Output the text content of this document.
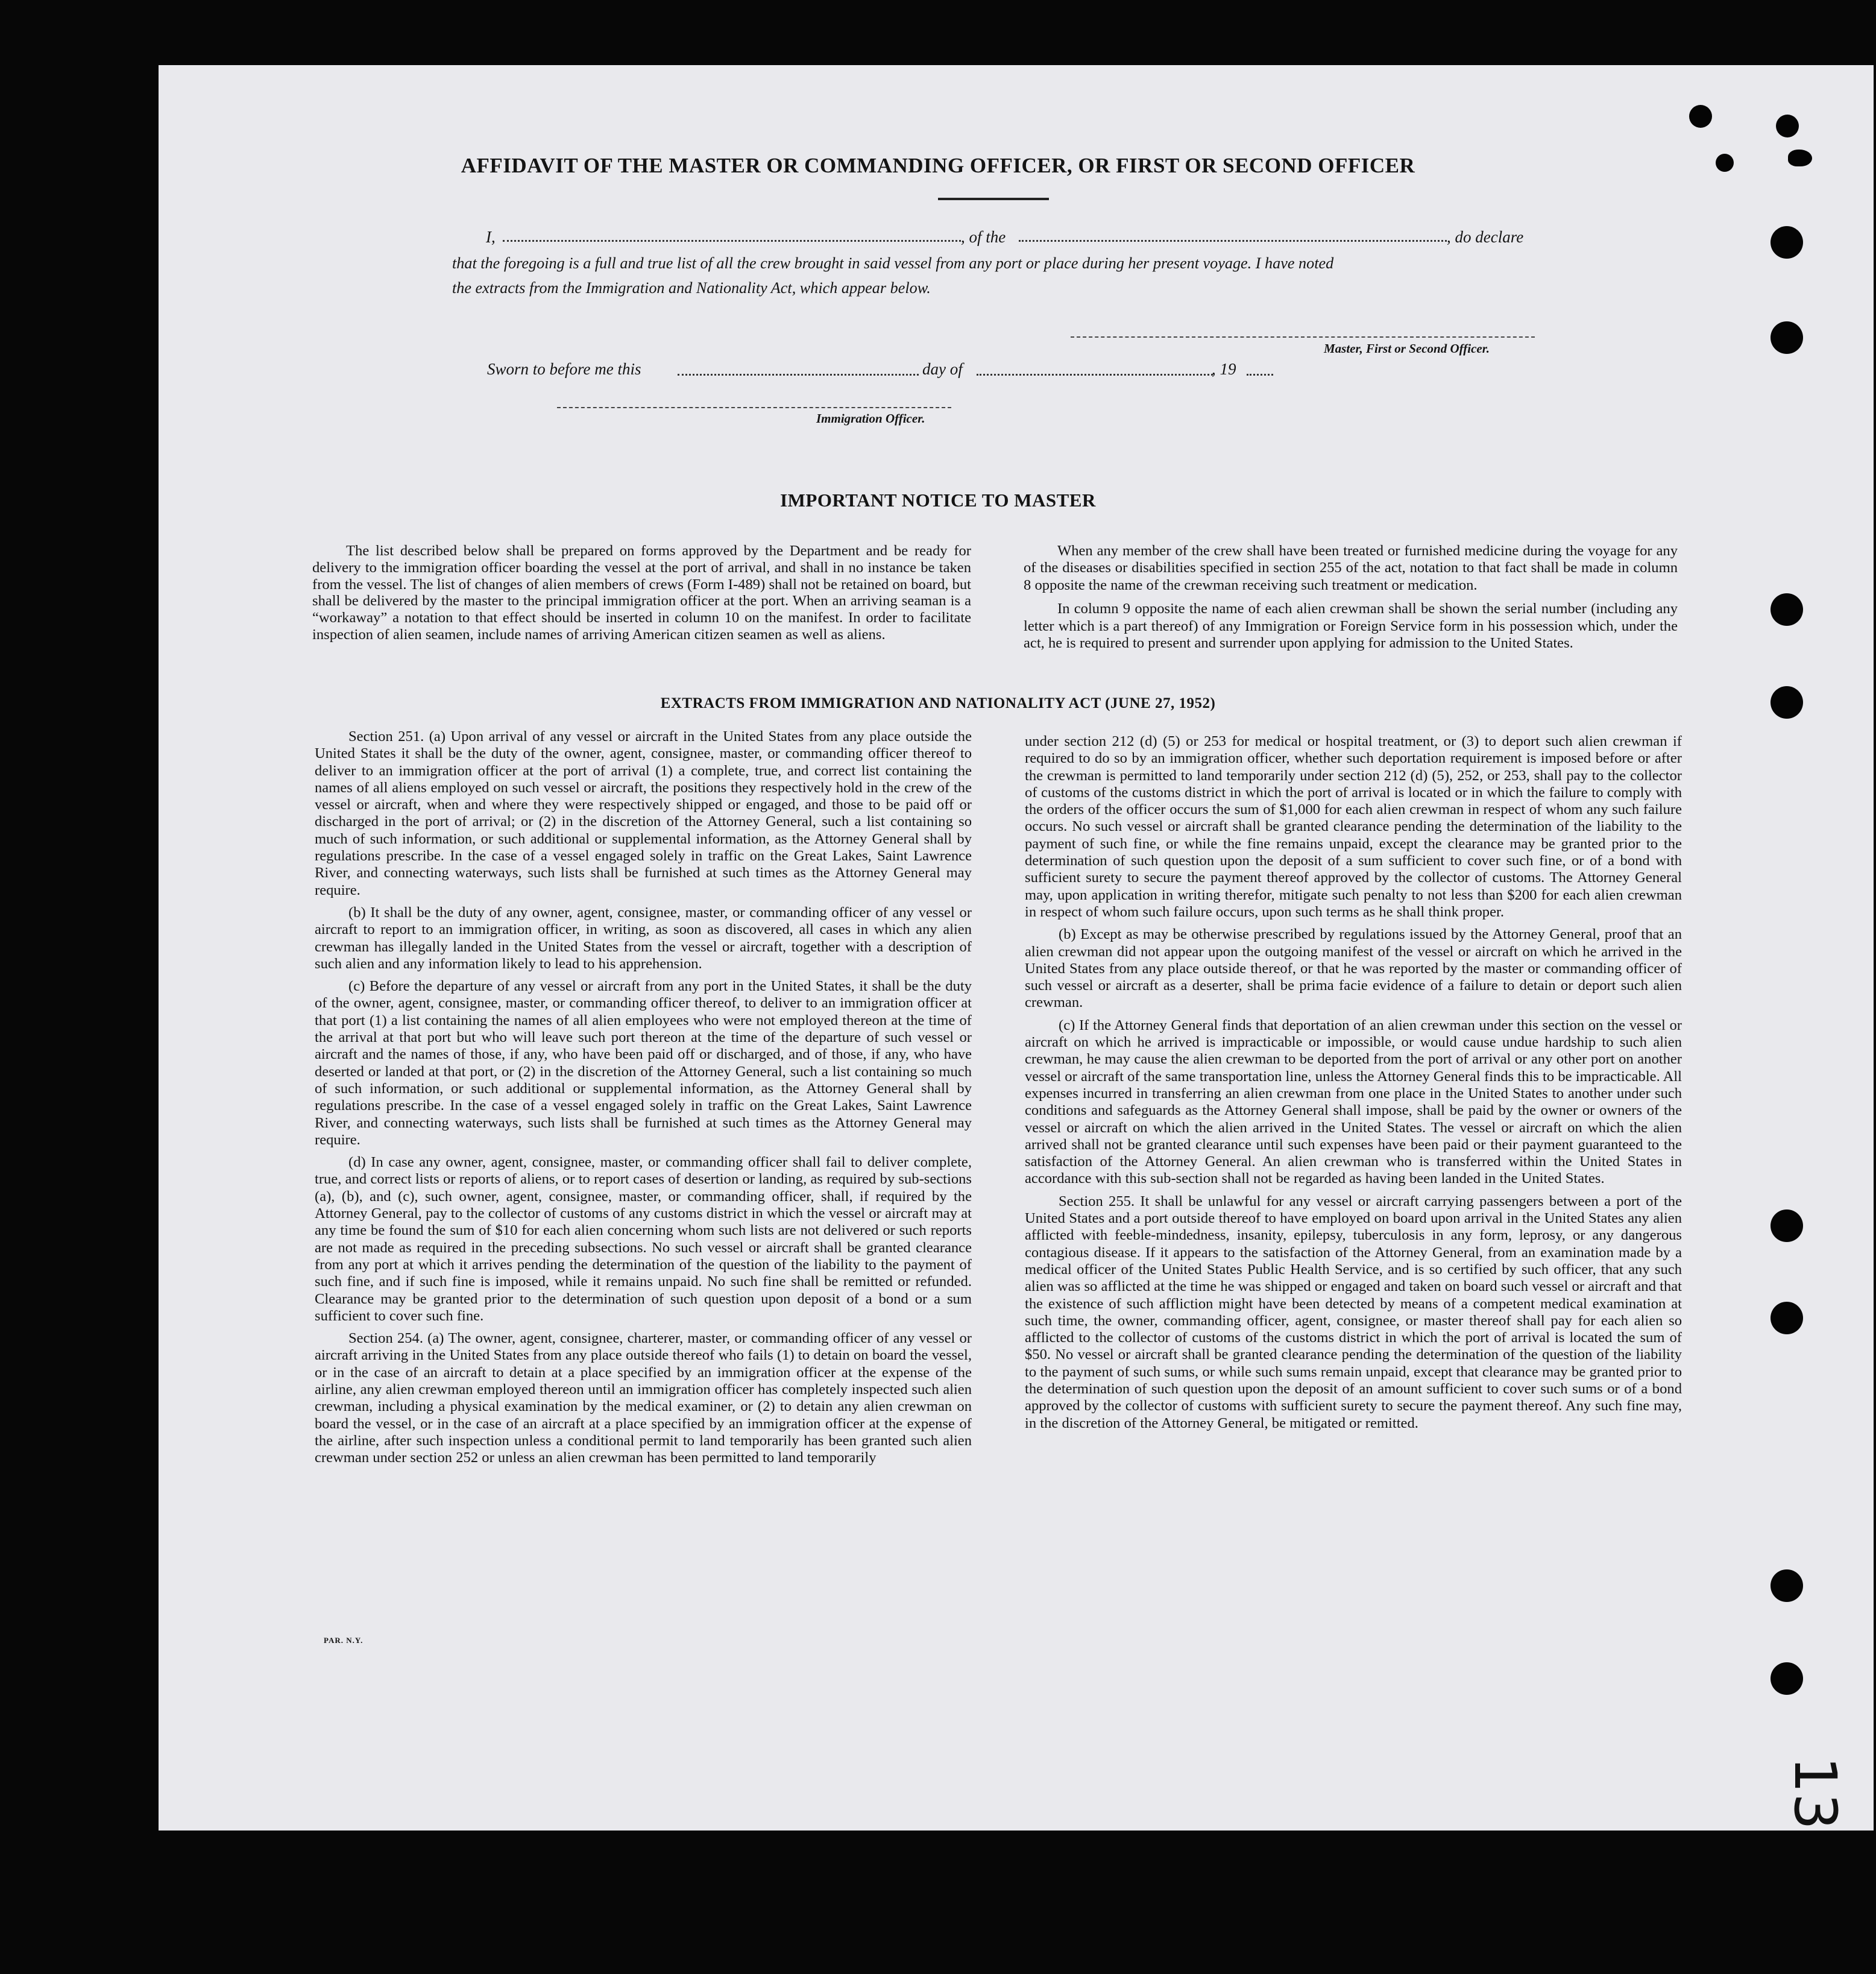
AFFIDAVIT OF THE MASTER OR COMMANDING OFFICER, OR FIRST OR SECOND OFFICER
I,	, of the	, do declare
that the foregoing is a full and true list of all the crew brought in said vessel from any port or place during her present voyage. I have noted
the extracts from the Immigration and Nationality Act, which appear below.
Master, First or Second Officer.
Sworn to before me this	day of	, 19
Immigration Officer.
IMPORTANT NOTICE TO MASTER

The list described below shall be prepared on forms approved by the Department and be ready for delivery to the immigration officer boarding the vessel at the port of arrival, and shall in no instance be taken from the vessel. The list of changes of alien members of crews (Form I-489) shall not be retained on board, but shall be delivered by the master to the principal immigration officer at the port. When an arriving seaman is a “workaway” a notation to that effect should be inserted in column 10 on the manifest. In order to facilitate inspection of alien seamen, include names of arriving American citizen seamen as well as aliens.

When any member of the crew shall have been treated or furnished medicine during the voyage for any of the diseases or disabilities specified in section 255 of the act, notation to that fact shall be made in column 8 opposite the name of the crewman receiving such treatment or medication.

In column 9 opposite the name of each alien crewman shall be shown the serial number (including any letter which is a part thereof) of any Immigration or Foreign Service form in his possession which, under the act, he is required to present and surrender upon applying for admission to the United States.

EXTRACTS FROM IMMIGRATION AND NATIONALITY ACT (JUNE 27, 1952)

Section 251. (a) Upon arrival of any vessel or aircraft in the United States from any place outside the United States it shall be the duty of the owner, agent, consignee, master, or commanding officer thereof to deliver to an immigration officer at the port of arrival (1) a complete, true, and correct list containing the names of all aliens employed on such vessel or aircraft, the positions they respectively hold in the crew of the vessel or aircraft, when and where they were respectively shipped or engaged, and those to be paid off or discharged in the port of arrival; or (2) in the discretion of the Attorney General, such a list containing so much of such information, or such additional or supplemental information, as the Attorney General shall by regulations prescribe. In the case of a vessel engaged solely in traffic on the Great Lakes, Saint Lawrence River, and connecting waterways, such lists shall be furnished at such times as the Attorney General may require.

(b) It shall be the duty of any owner, agent, consignee, master, or commanding officer of any vessel or aircraft to report to an immigration officer, in writing, as soon as discovered, all cases in which any alien crewman has illegally landed in the United States from the vessel or aircraft, together with a description of such alien and any information likely to lead to his apprehension.

(c) Before the departure of any vessel or aircraft from any port in the United States, it shall be the duty of the owner, agent, consignee, master, or commanding officer thereof, to deliver to an immigration officer at that port (1) a list containing the names of all alien employees who were not employed thereon at the time of the arrival at that port but who will leave such port thereon at the time of the departure of such vessel or aircraft and the names of those, if any, who have been paid off or discharged, and of those, if any, who have deserted or landed at that port, or (2) in the discretion of the Attorney General, such a list containing so much of such information, or such additional or supplemental information, as the Attorney General shall by regulations prescribe. In the case of a vessel engaged solely in traffic on the Great Lakes, Saint Lawrence River, and connecting waterways, such lists shall be furnished at such times as the Attorney General may require.

(d) In case any owner, agent, consignee, master, or commanding officer shall fail to deliver complete, true, and correct lists or reports of aliens, or to report cases of desertion or landing, as required by sub-sections (a), (b), and (c), such owner, agent, consignee, master, or commanding officer, shall, if required by the Attorney General, pay to the collector of customs of any customs district in which the vessel or aircraft may at any time be found the sum of $10 for each alien concerning whom such lists are not delivered or such reports are not made as required in the preceding subsections. No such vessel or aircraft shall be granted clearance from any port at which it arrives pending the determination of the question of the liability to the payment of such fine, and if such fine is imposed, while it remains unpaid. No such fine shall be remitted or refunded. Clearance may be granted prior to the determination of such question upon deposit of a bond or a sum sufficient to cover such fine.

Section 254. (a) The owner, agent, consignee, charterer, master, or commanding officer of any vessel or aircraft arriving in the United States from any place outside thereof who fails (1) to detain on board the vessel, or in the case of an aircraft to detain at a place specified by an immigration officer at the expense of the airline, any alien crewman employed thereon until an immigration officer has completely inspected such alien crewman, including a physical examination by the medical examiner, or (2) to detain any alien crewman on board the vessel, or in the case of an aircraft at a place specified by an immigration officer at the expense of the airline, after such inspection unless a conditional permit to land temporarily has been granted such alien crewman under section 252 or unless an alien crewman has been permitted to land temporarily

under section 212 (d) (5) or 253 for medical or hospital treatment, or (3) to deport such alien crewman if required to do so by an immigration officer, whether such deportation requirement is imposed before or after the crewman is permitted to land temporarily under section 212 (d) (5), 252, or 253, shall pay to the collector of customs of the customs district in which the port of arrival is located or in which the failure to comply with the orders of the officer occurs the sum of $1,000 for each alien crewman in respect of whom any such failure occurs. No such vessel or aircraft shall be granted clearance pending the determination of the liability to the payment of such fine, or while the fine remains unpaid, except the clearance may be granted prior to the determination of such question upon the deposit of a sum sufficient to cover such fine, or of a bond with sufficient surety to secure the payment thereof approved by the collector of customs. The Attorney General may, upon application in writing therefor, mitigate such penalty to not less than $200 for each alien crewman in respect of whom such failure occurs, upon such terms as he shall think proper.

(b) Except as may be otherwise prescribed by regulations issued by the Attorney General, proof that an alien crewman did not appear upon the outgoing manifest of the vessel or aircraft on which he arrived in the United States from any place outside thereof, or that he was reported by the master or commanding officer of such vessel or aircraft as a deserter, shall be prima facie evidence of a failure to detain or deport such alien crewman.

(c) If the Attorney General finds that deportation of an alien crewman under this section on the vessel or aircraft on which he arrived is impracticable or impossible, or would cause undue hardship to such alien crewman, he may cause the alien crewman to be deported from the port of arrival or any other port on another vessel or aircraft of the same transportation line, unless the Attorney General finds this to be impracticable. All expenses incurred in transferring an alien crewman from one place in the United States to another under such conditions and safeguards as the Attorney General shall impose, shall be paid by the owner or owners of the vessel or aircraft on which the alien arrived in the United States. The vessel or aircraft on which the alien arrived shall not be granted clearance until such expenses have been paid or their payment guaranteed to the satisfaction of the Attorney General. An alien crewman who is transferred within the United States in accordance with this sub-section shall not be regarded as having been landed in the United States.

Section 255. It shall be unlawful for any vessel or aircraft carrying passengers between a port of the United States and a port outside thereof to have employed on board upon arrival in the United States any alien afflicted with feeble-mindedness, insanity, epilepsy, tuberculosis in any form, leprosy, or any dangerous contagious disease. If it appears to the satisfaction of the Attorney General, from an examination made by a medical officer of the United States Public Health Service, and is so certified by such officer, that any such alien was so afflicted at the time he was shipped or engaged and taken on board such vessel or aircraft and that the existence of such affliction might have been detected by means of a competent medical examination at such time, the owner, commanding officer, agent, consignee, or master thereof shall pay for each alien so afflicted to the collector of customs of the customs district in which the port of arrival is located the sum of $50. No vessel or aircraft shall be granted clearance pending the determination of the question of the liability to the payment of such sums, or while such sums remain unpaid, except that clearance may be granted prior to the determination of such question upon the deposit of an amount sufficient to cover such sums or of a bond approved by the collector of customs with sufficient surety to secure the payment thereof. Any such fine may, in the discretion of the Attorney General, be mitigated or remitted.

PAR. N.Y.
13
